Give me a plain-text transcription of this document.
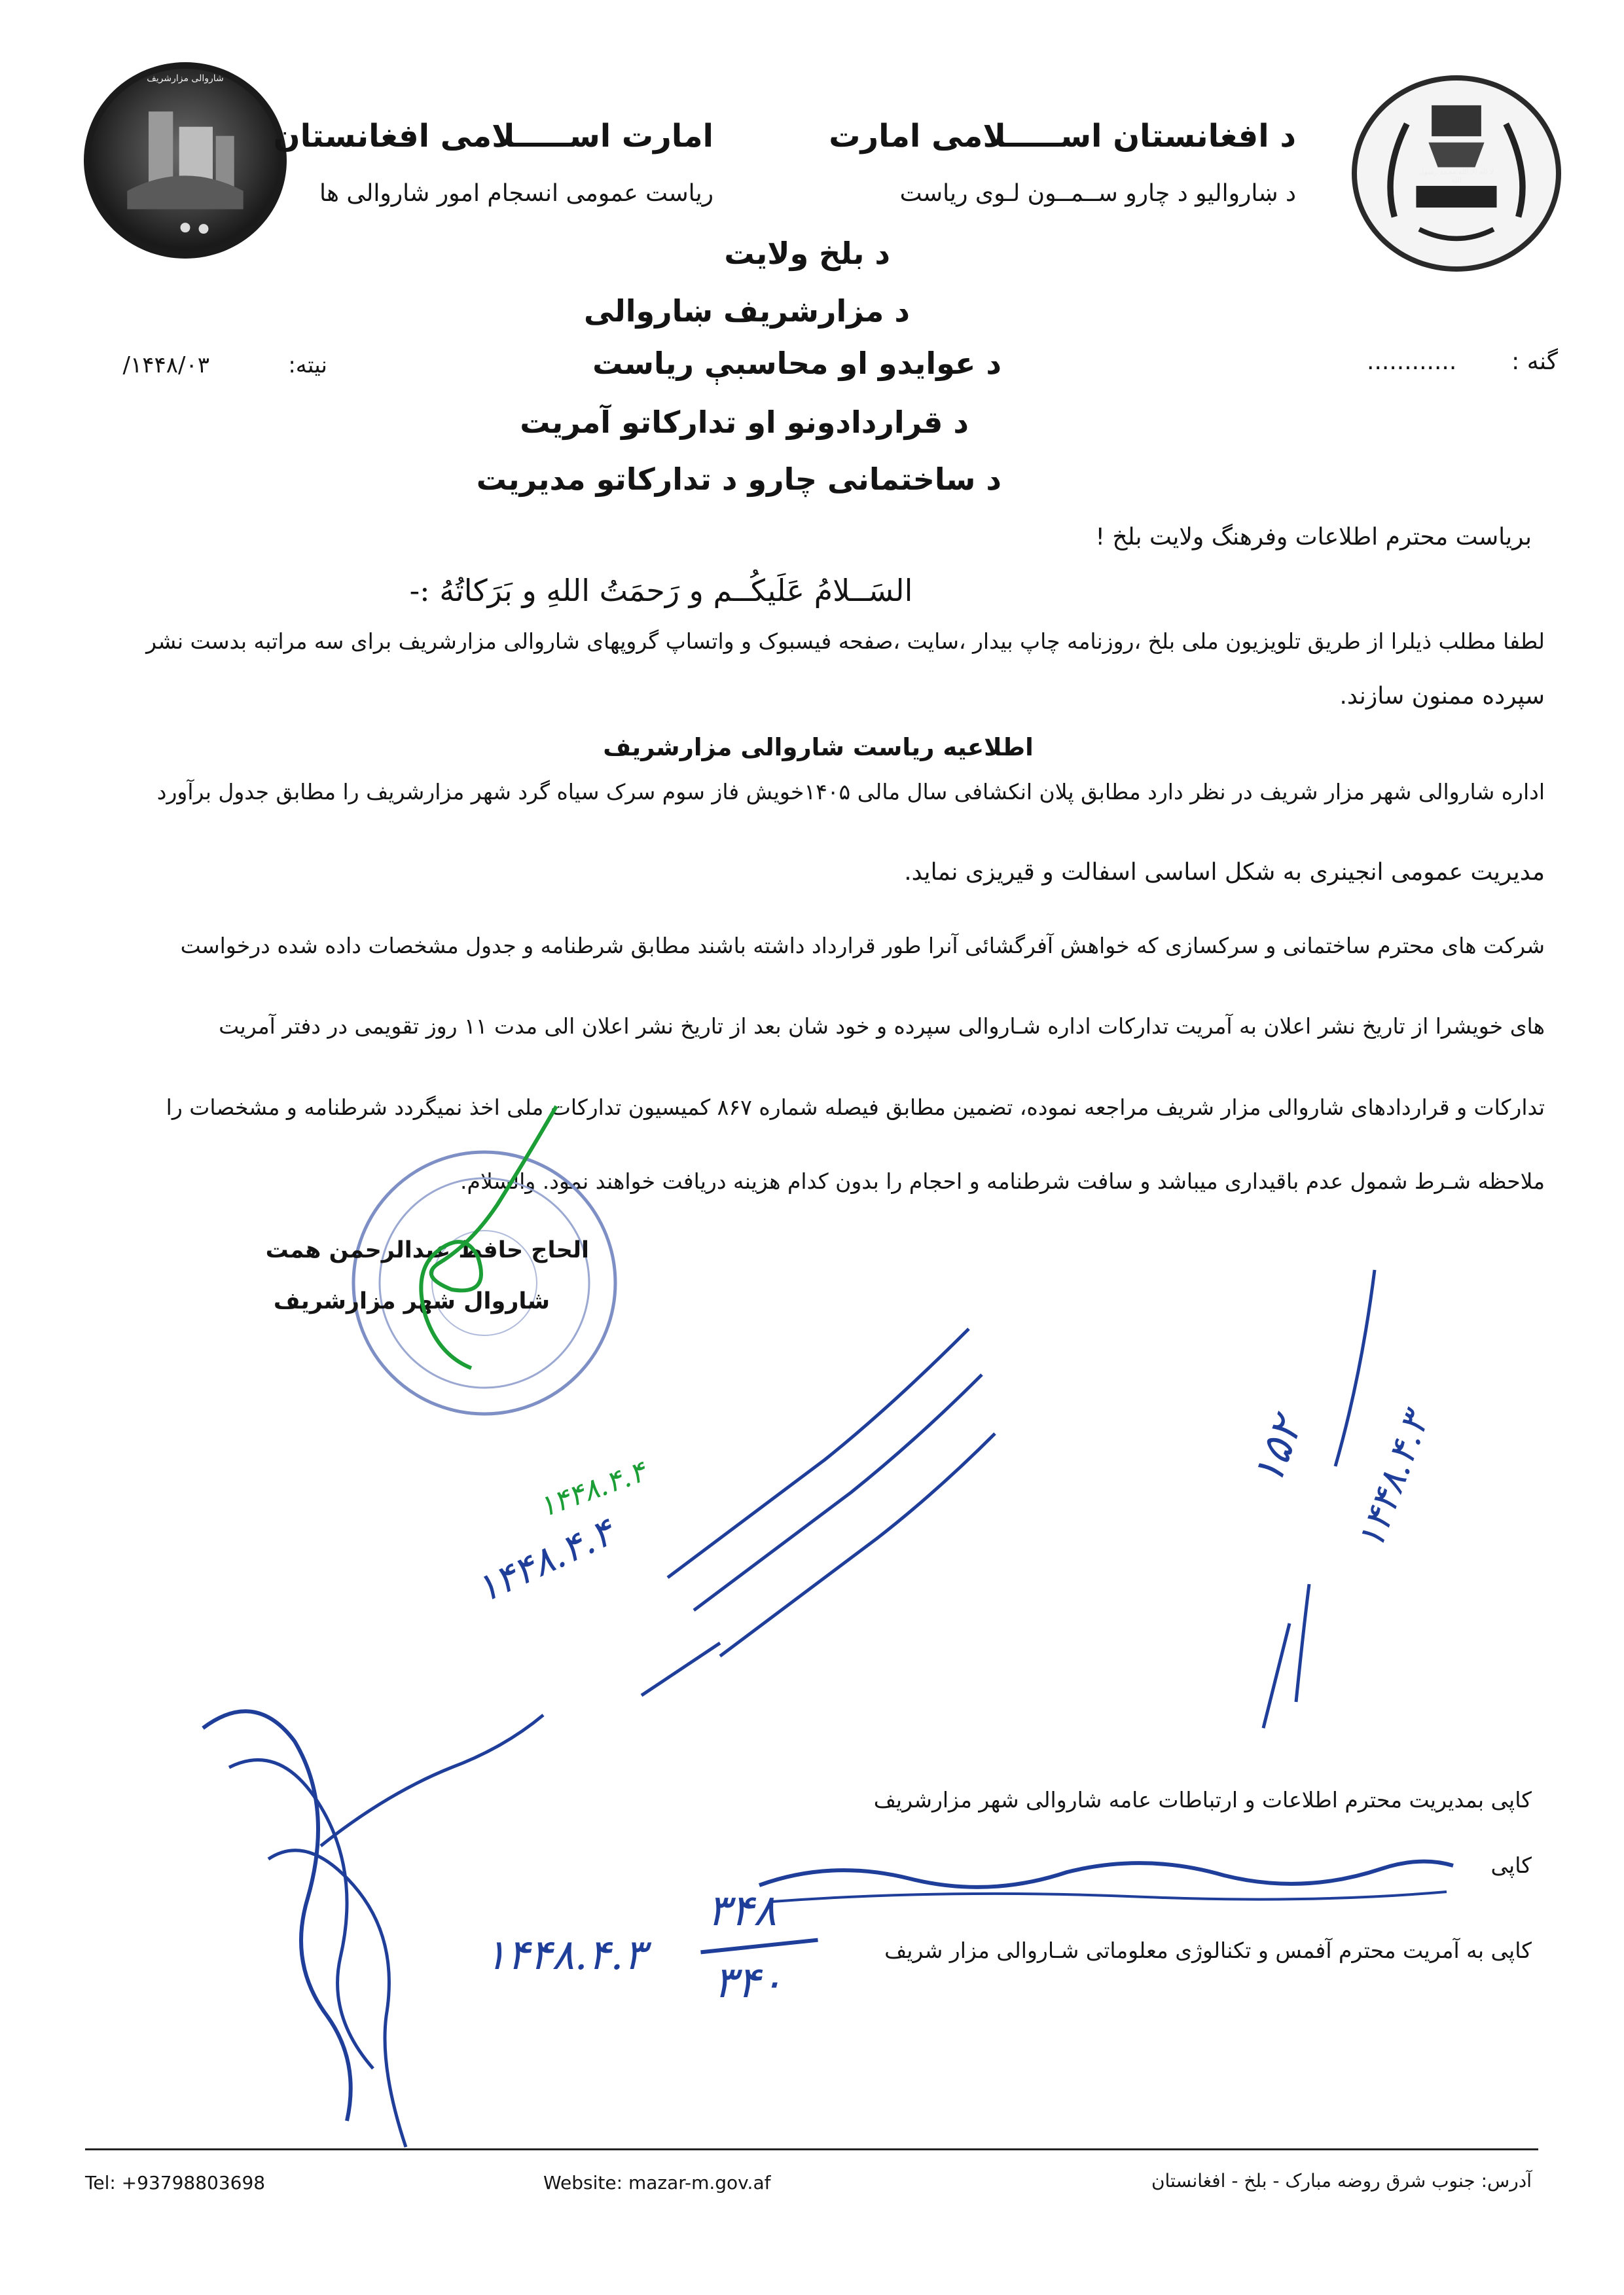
شاروالی مزارشریف
امارت اســـــلامی افغانستان
ریاست عمومی انسجام امور شاروالی ها
د افغانستان اســـــلامی امارت
د ښاروالیو د چارو ســمــون لـوی ریاست
لا اله الا الله محمد رسول الله
گنه :
............
نیته:
۱۴۴۸/۰۳/
د بلخ ولایت
د مزارشریف ښاروالی
د عوایدو او محاسبې ریاست
د قراردادونو او تدارکاتو آمریت
د ساختمانی چارو د تدارکاتو مدیریت
بریاست محترم اطلاعات وفرهنگ ولایت بلخ !
السَــلامُ عَلَیکُــم و رَحمَتُ اللهِ و بَرَکاتُهُ :-
لطفا مطلب ذیلرا از طریق تلویزیون ملی بلخ ،روزنامه چاپ بیدار ،سایت ،صفحه فیسبوک و واتساپ گروپهای شاروالی مزارشریف برای سه مراتبه بدست نشر
سپرده ممنون سازند.
اطلاعیه ریاست شاروالی مزارشریف
اداره شاروالی شهر مزار شریف در نظر دارد مطابق پلان انکشافی سال مالی ۱۴۰۵خویش فاز سوم سرک سیاه گرد شهر مزارشریف را مطابق جدول برآورد
مدیریت عمومی انجینری به شکل اساسی اسفالت و قیریزی نماید.
شرکت های محترم ساختمانی و سرکسازی که خواهش آفرگشائی آنرا طور قرارداد داشته باشند مطابق شرطنامه و جدول مشخصات داده شده درخواست
های خویشرا از تاریخ نشر اعلان به آمریت تدارکات اداره شـاروالی سپرده و خود شان بعد از تاریخ نشر اعلان الی مدت ۱۱ روز تقویمی در دفتر آمریت
تدارکات و قراردادهای شاروالی مزار شریف مراجعه نموده، تضمین مطابق فیصله شماره ۸۶۷ کمیسیون تدارکات ملی اخذ نمیگردد شرطنامه و مشخصات را
ملاحظه شـرط شمول عدم باقیداری میباشد و سافت شرطنامه و احجام را بدون کدام هزینه دریافت خواهند نمود. والسلام.
الحاج حافظ عبدالرحمن همت
شاروال شهر مزارشریف
۱۴۴۸.۴.۴
۱۴۴۸.۴.۴
۱۵۲ ۱۴۴۸.۴.۳
کاپی بمدیریت محترم اطلاعات و ارتباطات عامه شاروالی شهر مزارشریف
کاپی
کاپی به آمریت محترم آفمس و تکنالوژی معلوماتی شـاروالی مزار شریف
۳۴۸
۳۴۰
۱۴۴۸.۴.۳
آدرس: جنوب شرق روضه مبارک - بلخ - افغانستان
Website: mazar-m.gov.af
Tel: +93798803698
